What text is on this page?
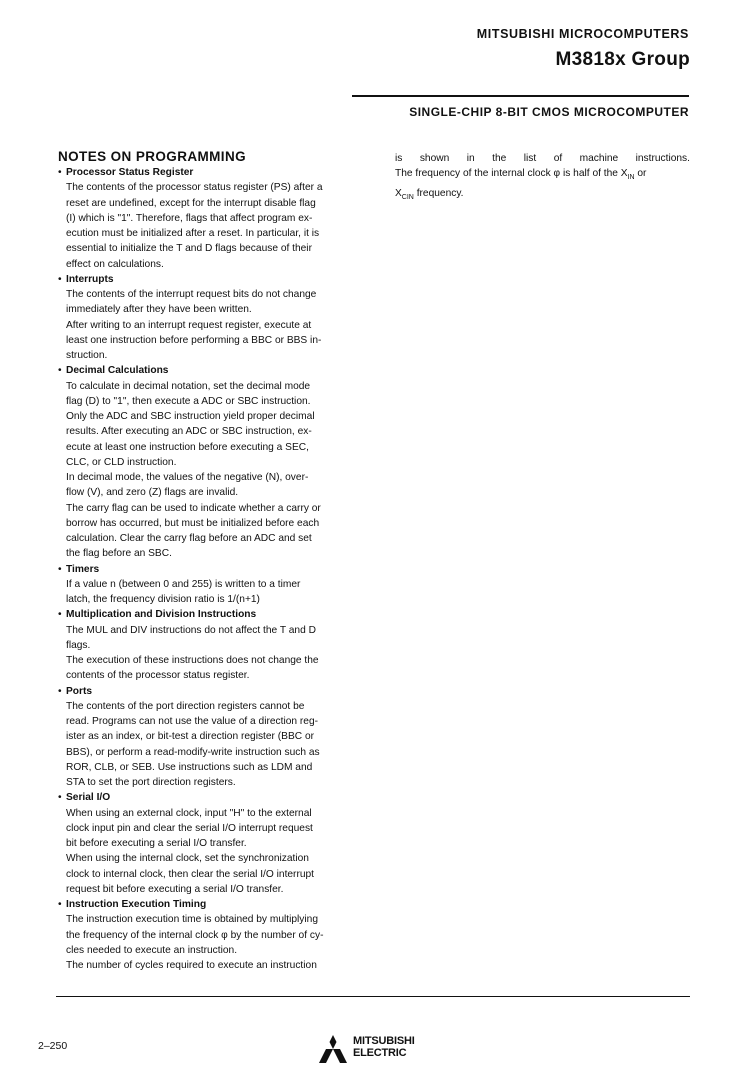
MITSUBISHI MICROCOMPUTERS
M3818x Group
SINGLE-CHIP 8-BIT CMOS MICROCOMPUTER
NOTES ON PROGRAMMING
• Processor Status Register
The contents of the processor status register (PS) after a
reset are undefined, except for the interrupt disable flag
(I) which is "1". Therefore, flags that affect program ex-
ecution must be initialized after a reset. In particular, it is
essential to initialize the T and D flags because of their
effect on calculations.
• Interrupts
The contents of the interrupt request bits do not change
immediately after they have been written.
After writing to an interrupt request register, execute at
least one instruction before performing a BBC or BBS in-
struction.
• Decimal Calculations
To calculate in decimal notation, set the decimal mode
flag (D) to "1", then execute a ADC or SBC instruction.
Only the ADC and SBC instruction yield proper decimal
results. After executing an ADC or SBC instruction, ex-
ecute at least one instruction before executing a SEC,
CLC, or CLD instruction.
In decimal mode, the values of the negative (N), over-
flow (V), and zero (Z) flags are invalid.
The carry flag can be used to indicate whether a carry or
borrow has occurred, but must be initialized before each
calculation. Clear the carry flag before an ADC and set
the flag before an SBC.
• Timers
If a value n (between 0 and 255) is written to a timer
latch, the frequency division ratio is 1/(n+1)
• Multiplication and Division Instructions
The MUL and DIV instructions do not affect the T and D
flags.
The execution of these instructions does not change the
contents of the processor status register.
• Ports
The contents of the port direction registers cannot be
read. Programs can not use the value of a direction reg-
ister as an index, or bit-test a direction register (BBC or
BBS), or perform a read-modify-write instruction such as
ROR, CLB, or SEB. Use instructions such as LDM and
STA to set the port direction registers.
• Serial I/O
When using an external clock, input "H" to the external
clock input pin and clear the serial I/O interrupt request
bit before executing a serial I/O transfer.
When using the internal clock, set the synchronization
clock to internal clock, then clear the serial I/O interrupt
request bit before executing a serial I/O transfer.
• Instruction Execution Timing
The instruction execution time is obtained by multiplying
the frequency of the internal clock φ by the number of cy-
cles needed to execute an instruction.
The number of cycles required to execute an instruction
is shown in the list of machine instructions.
The frequency of the internal clock φ is half of the $X_{IN}$ or
$X_{CIN}$ frequency.
2–250	MITSUBISHI
ELECTRIC
